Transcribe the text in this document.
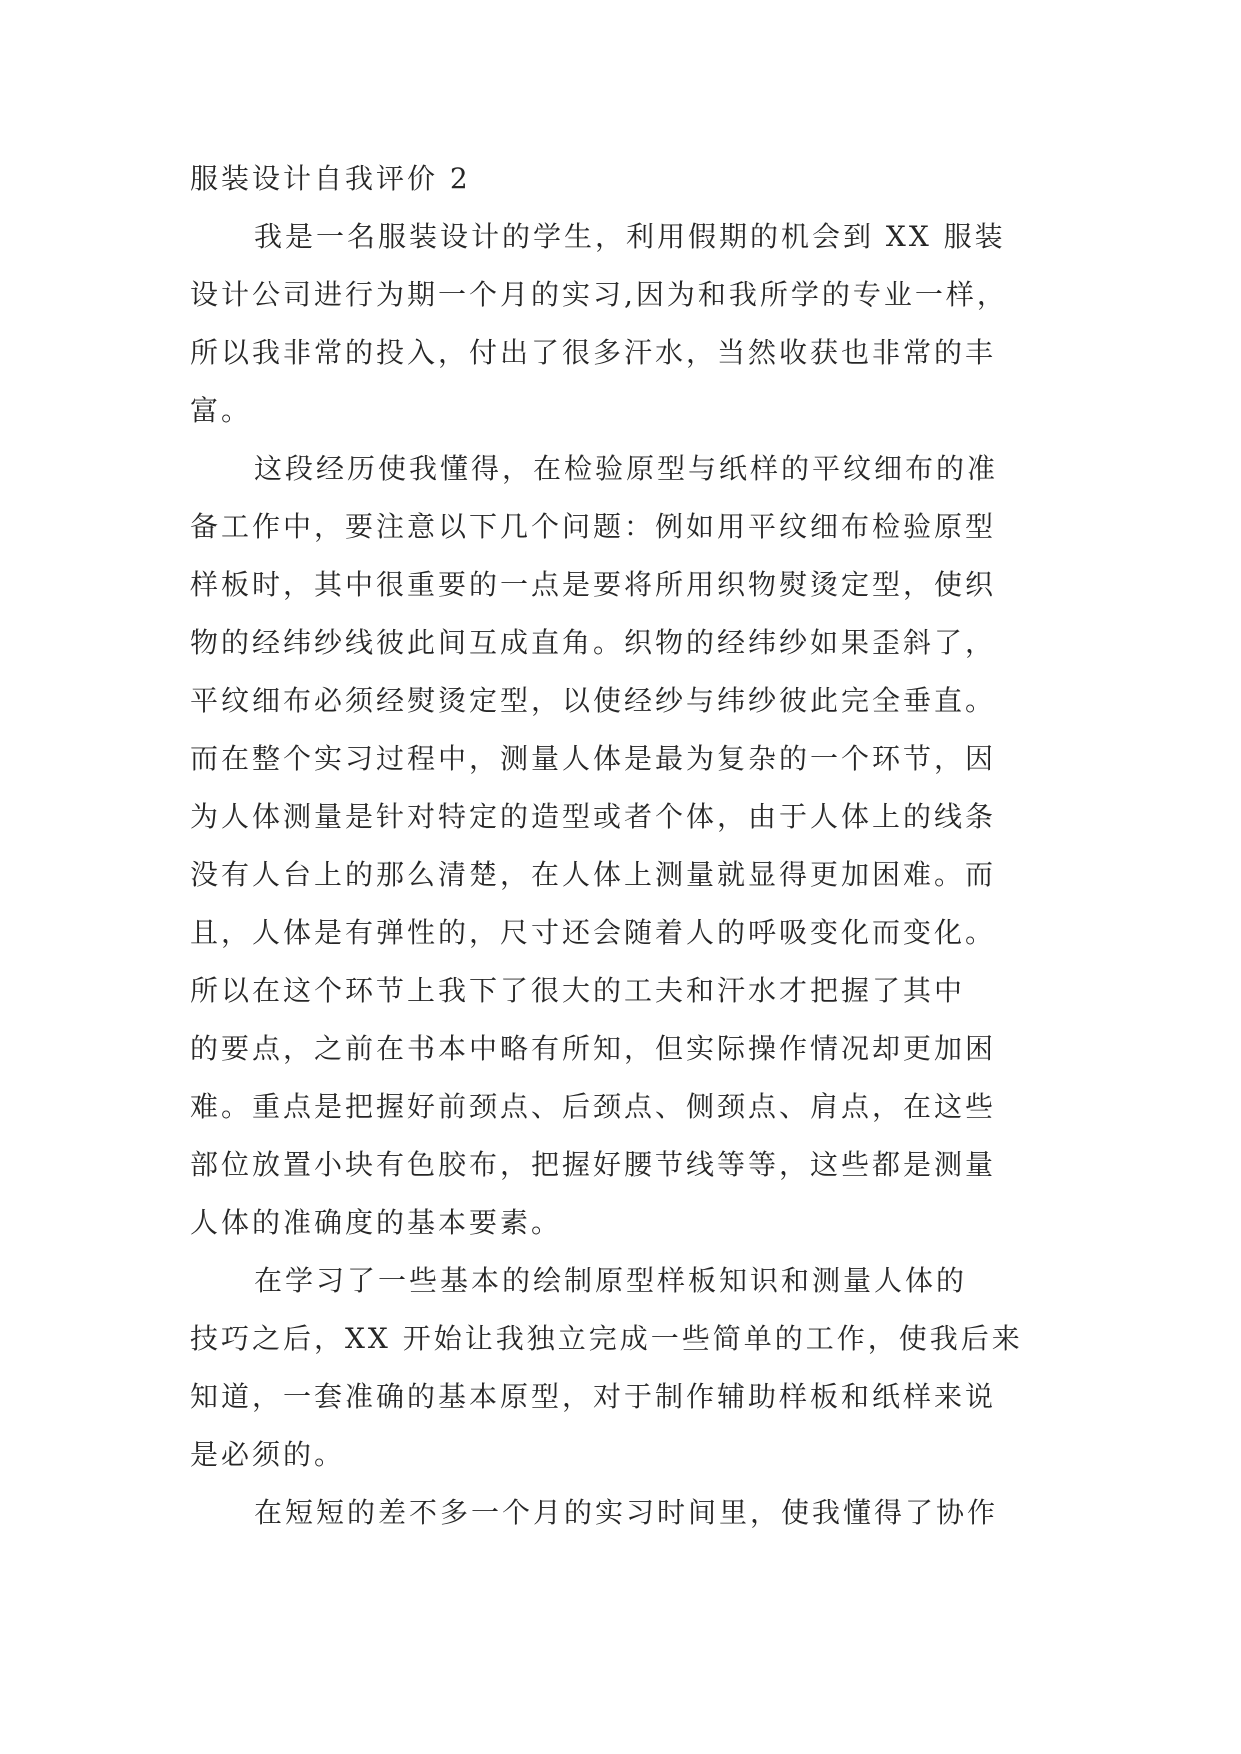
服装设计自我评价 2
我是一名服装设计的学生，利用假期的机会到 XX 服装
设计公司进行为期一个月的实习,因为和我所学的专业一样，
所以我非常的投入，付出了很多汗水，当然收获也非常的丰
富。
这段经历使我懂得，在检验原型与纸样的平纹细布的准
备工作中，要注意以下几个问题：例如用平纹细布检验原型
样板时，其中很重要的一点是要将所用织物熨烫定型，使织
物的经纬纱线彼此间互成直角。织物的经纬纱如果歪斜了，
平纹细布必须经熨烫定型，以使经纱与纬纱彼此完全垂直。
而在整个实习过程中，测量人体是最为复杂的一个环节，因
为人体测量是针对特定的造型或者个体，由于人体上的线条
没有人台上的那么清楚，在人体上测量就显得更加困难。而
且，人体是有弹性的，尺寸还会随着人的呼吸变化而变化。
所以在这个环节上我下了很大的工夫和汗水才把握了其中
的要点，之前在书本中略有所知，但实际操作情况却更加困
难。重点是把握好前颈点、后颈点、侧颈点、肩点，在这些
部位放置小块有色胶布，把握好腰节线等等，这些都是测量
人体的准确度的基本要素。
在学习了一些基本的绘制原型样板知识和测量人体的
技巧之后，XX 开始让我独立完成一些简单的工作，使我后来
知道，一套准确的基本原型，对于制作辅助样板和纸样来说
是必须的。
在短短的差不多一个月的实习时间里，使我懂得了协作
